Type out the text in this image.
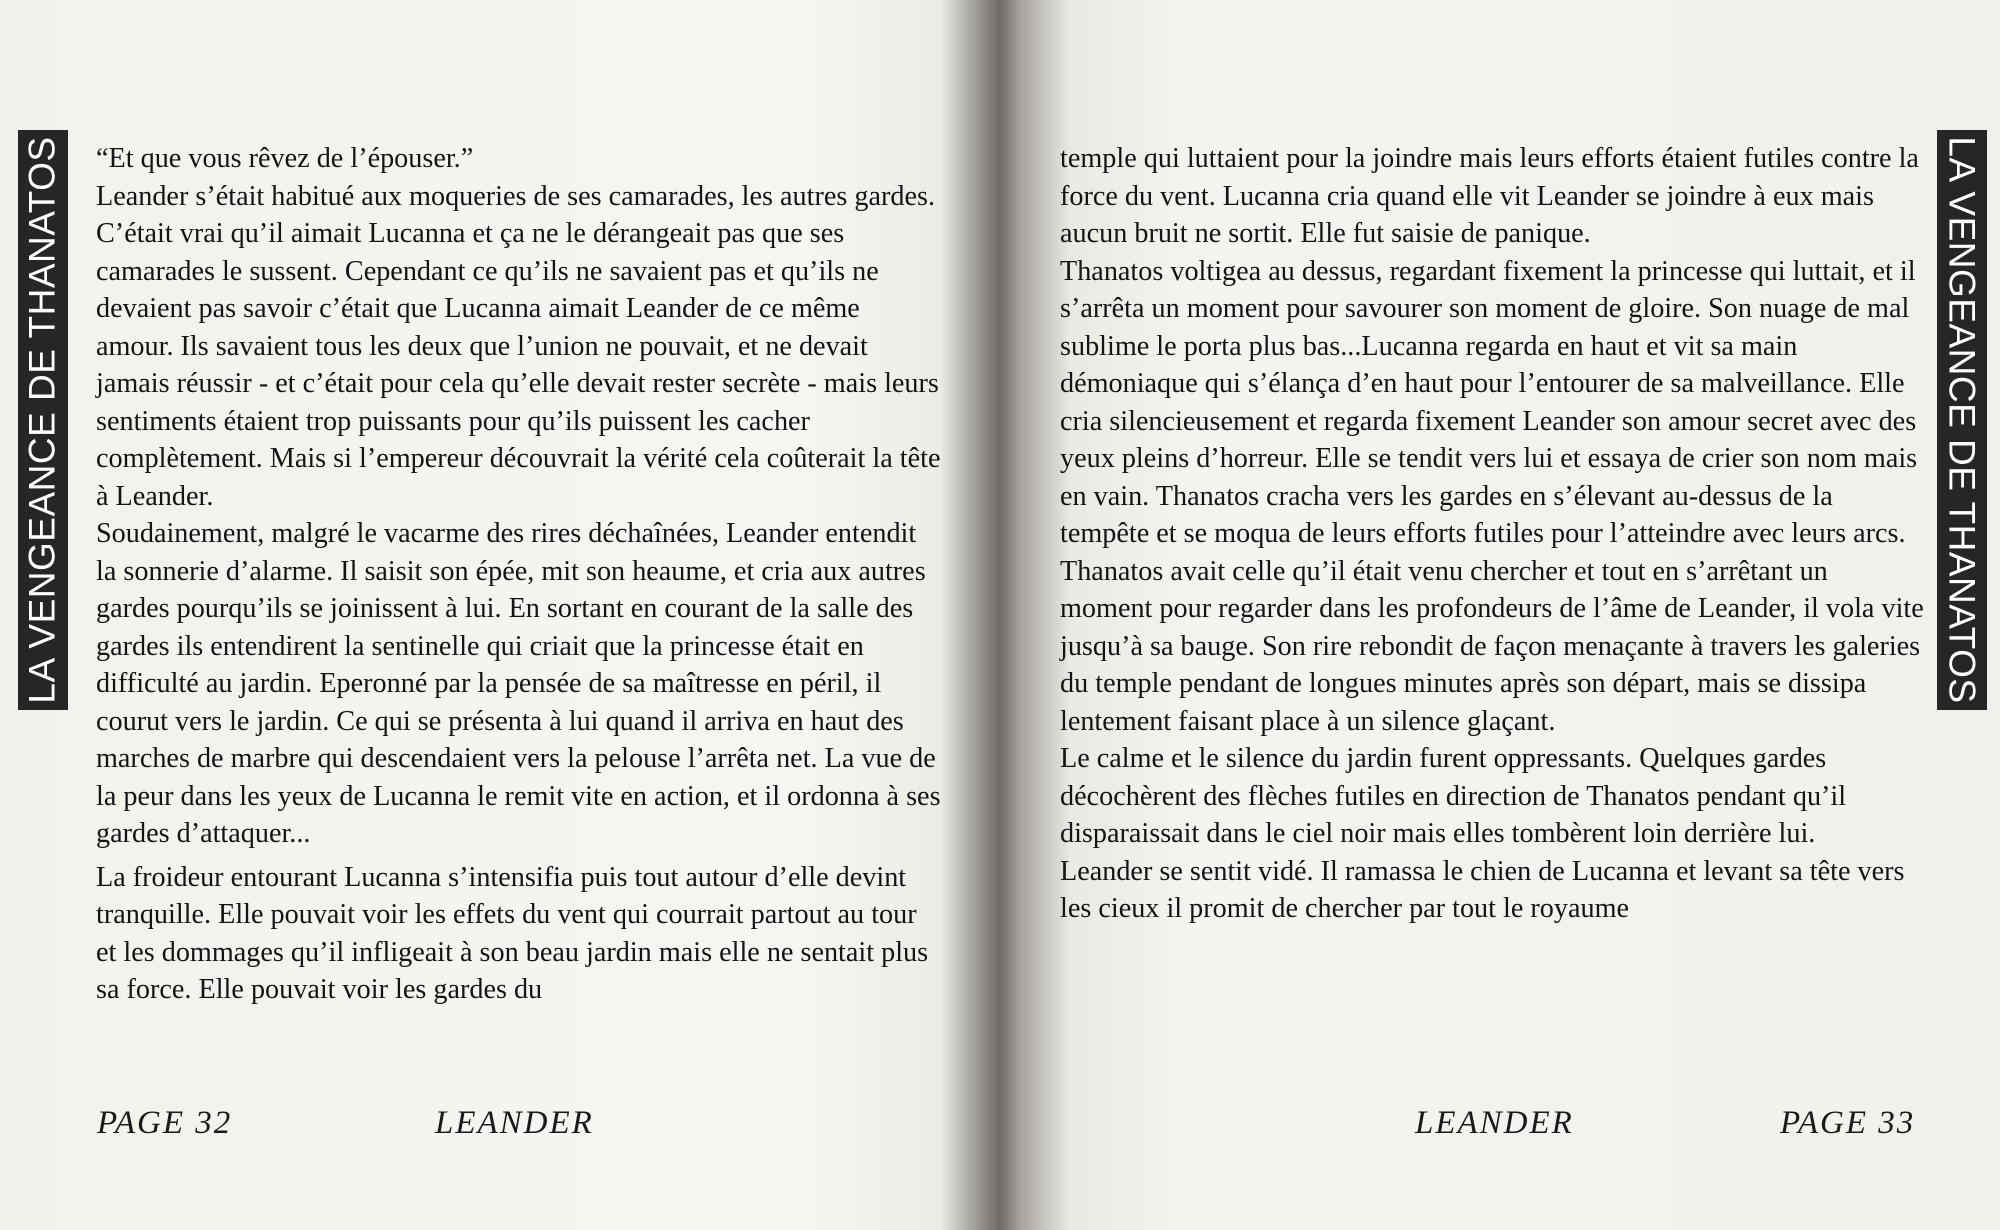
LA VENGEANCE DE THANATOS “Et que vous rêvez de l’épouser.”

Leander s’était habitué aux moqueries de ses camarades, les autres gardes. C’était vrai qu’il aimait Lucanna et ça ne le dérangeait pas que ses camarades le sussent. Cependant ce qu’ils ne savaient pas et qu’ils ne devaient pas savoir c’était que Lucanna aimait Leander de ce même amour. Ils savaient tous les deux que l’union ne pouvait, et ne devait jamais réussir - et c’était pour cela qu’elle devait rester secrète - mais leurs sentiments étaient trop puissants pour qu’ils puissent les cacher complètement. Mais si l’empereur découvrait la vérité cela coûterait la tête à Leander.

Soudainement, malgré le vacarme des rires déchaînées, Leander entendit la sonnerie d’alarme. Il saisit son épée, mit son heaume, et cria aux autres gardes pourqu’ils se joinissent à lui. En sortant en courant de la salle des gardes ils entendirent la sentinelle qui criait que la princesse était en difficulté au jardin. Eperonné par la pensée de sa maîtresse en péril, il courut vers le jardin. Ce qui se présenta à lui quand il arriva en haut des marches de marbre qui descendaient vers la pelouse l’arrêta net. La vue de la peur dans les yeux de Lucanna le remit vite en action, et il ordonna à ses gardes d’attaquer...

La froideur entourant Lucanna s’intensifia puis tout autour d’elle devint tranquille. Elle pouvait voir les effets du vent qui courrait partout au tour et les dommages qu’il infligeait à son beau jardin mais elle ne sentait plus sa force. Elle pouvait voir les gardes du

PAGE 32	LEANDER
LA VENGEANCE DE THANATOS

temple qui luttaient pour la joindre mais leurs efforts étaient futiles contre la force du vent. Lucanna cria quand elle vit Leander se joindre à eux mais aucun bruit ne sortit. Elle fut saisie de panique.

Thanatos voltigea au dessus, regardant fixement la princesse qui luttait, et il s’arrêta un moment pour savourer son moment de gloire. Son nuage de mal sublime le porta plus bas...Lucanna regarda en haut et vit sa main démoniaque qui s’élança d’en haut pour l’entourer de sa malveillance. Elle cria silencieusement et regarda fixement Leander son amour secret avec des yeux pleins d’horreur. Elle se tendit vers lui et essaya de crier son nom mais en vain. Thanatos cracha vers les gardes en s’élevant au-dessus de la tempête et se moqua de leurs efforts futiles pour l’atteindre avec leurs arcs. Thanatos avait celle qu’il était venu chercher et tout en s’arrêtant un moment pour regarder dans les profondeurs de l’âme de Leander, il vola vite jusqu’à sa bauge. Son rire rebondit de façon menaçante à travers les galeries du temple pendant de longues minutes après son départ, mais se dissipa lentement faisant place à un silence glaçant.

Le calme et le silence du jardin furent oppressants. Quelques gardes décochèrent des flèches futiles en direction de Thanatos pendant qu’il disparaissait dans le ciel noir mais elles tombèrent loin derrière lui.

Leander se sentit vidé. Il ramassa le chien de Lucanna et levant sa tête vers les cieux il promit de chercher par tout le royaume

LEANDER	PAGE 33
